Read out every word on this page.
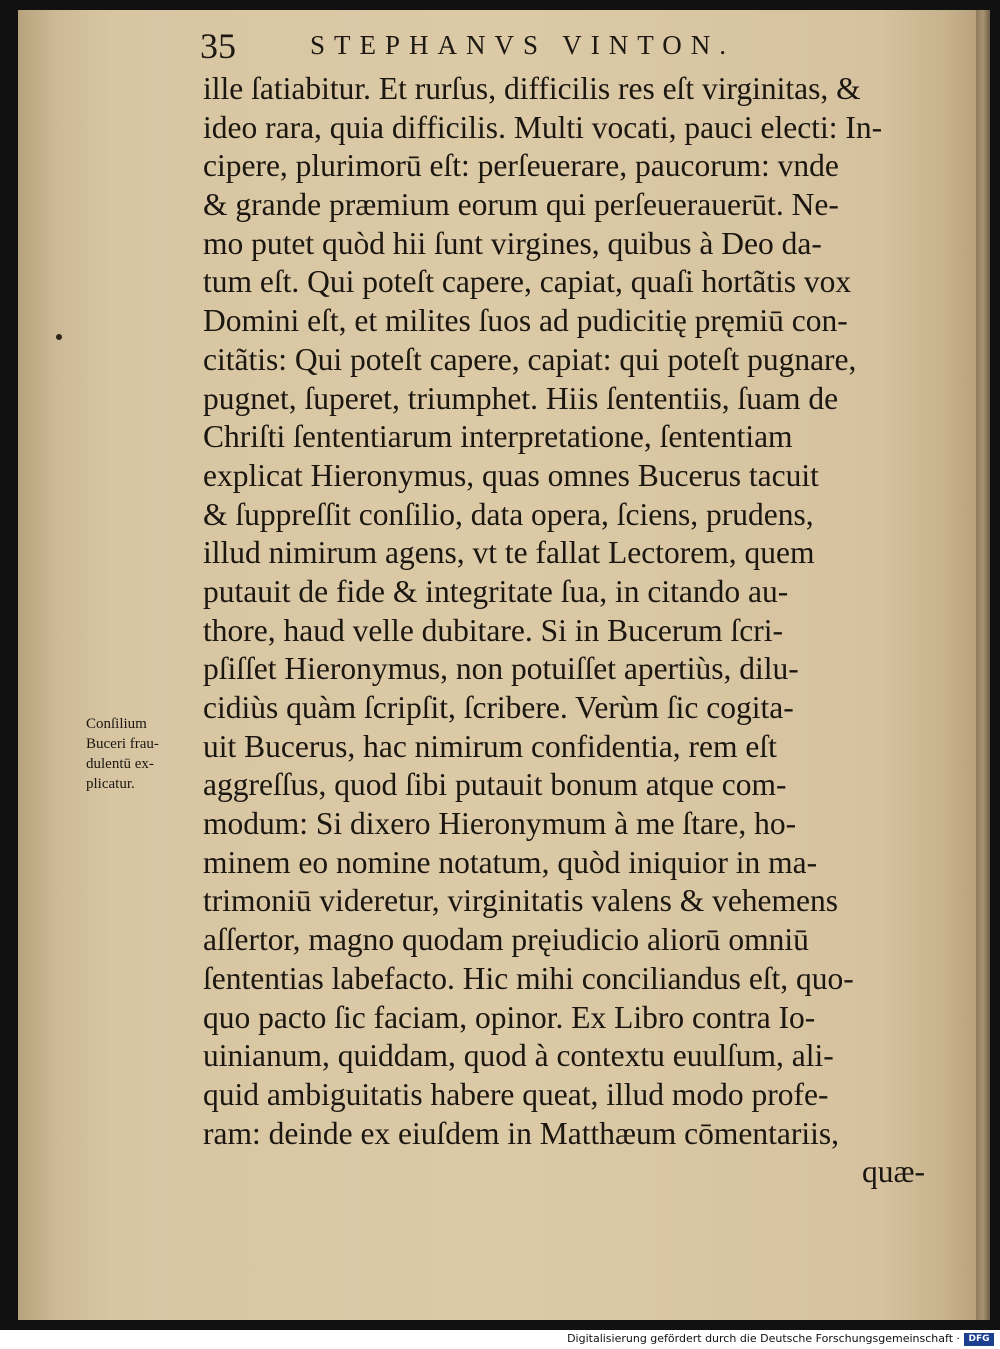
35	STEPHANVS VINTON.
ille ſatiabitur. Et rurſus, difficilis res eſt virginitas, &
ideo rara, quia difficilis. Multi vocati, pauci electi: In-
cipere, plurimorū eſt: perſeuerare, paucorum: vnde
& grande præmium eorum qui perſeuerauerūt. Ne-
mo putet quòd hii ſunt virgines, quibus à Deo da-
tum eſt. Qui poteſt capere, capiat, quaſi hortãtis vox
Domini eſt, et milites ſuos ad pudicitię pręmiū con-
citãtis: Qui poteſt capere, capiat: qui poteſt pugnare,
pugnet, ſuperet, triumphet. Hiis ſententiis, ſuam de
Chriſti ſententiarum interpretatione, ſententiam
explicat Hieronymus, quas omnes Bucerus tacuit
& ſuppreſſit conſilio, data opera, ſciens, prudens,
illud nimirum agens, vt te fallat Lectorem, quem
putauit de fide & integritate ſua, in citando au-
thore, haud velle dubitare. Si in Bucerum ſcri-
pſiſſet Hieronymus, non potuiſſet apertiùs, dilu-
cidiùs quàm ſcripſit, ſcribere. Verùm ſic cogita-
uit Bucerus, hac nimirum confidentia, rem eſt
aggreſſus, quod ſibi putauit bonum atque com-
modum: Si dixero Hieronymum à me ſtare, ho-
minem eo nomine notatum, quòd iniquior in ma-
trimoniū videretur, virginitatis valens & vehemens
aſſertor, magno quodam pręiudicio aliorū omniū
ſententias labefacto. Hic mihi conciliandus eſt, quo-
quo pacto ſic faciam, opinor. Ex Libro contra Io-
uinianum, quiddam, quod à contextu euulſum, ali-
quid ambiguitatis habere queat, illud modo profe-
ram: deinde ex eiuſdem in Matthæum cōmentariis,
quæ-
Conſilium
Buceri frau-
dulentū ex-
plicatur.
Digitalisierung gefördert durch die Deutsche Forschungsgemeinschaft · DFG
